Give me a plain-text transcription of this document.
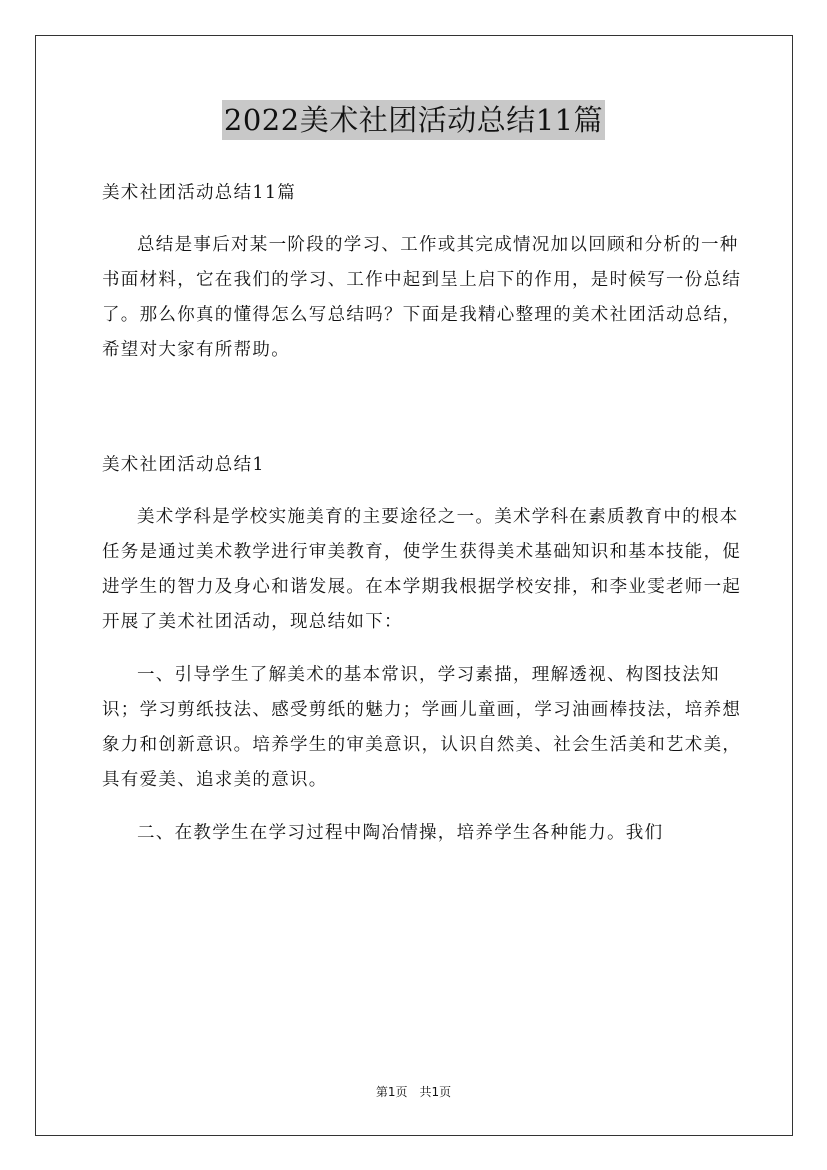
2022美术社团活动总结11篇

美术社团活动总结11篇

总结是事后对某一阶段的学习、工作或其完成情况加以回顾和分析的一种书面材料，它在我们的学习、工作中起到呈上启下的作用，是时候写一份总结了。那么你真的懂得怎么写总结吗？下面是我精心整理的美术社团活动总结，希望对大家有所帮助。

美术社团活动总结1

美术学科是学校实施美育的主要途径之一。美术学科在素质教育中的根本任务是通过美术教学进行审美教育，使学生获得美术基础知识和基本技能，促进学生的智力及身心和谐发展。在本学期我根据学校安排，和李业雯老师一起开展了美术社团活动，现总结如下：

一、引导学生了解美术的基本常识，学习素描，理解透视、构图技法知识；学习剪纸技法、感受剪纸的魅力；学画儿童画，学习油画棒技法，培养想象力和创新意识。培养学生的审美意识，认识自然美、社会生活美和艺术美，具有爱美、追求美的意识。

二、在教学生在学习过程中陶冶情操，培养学生各种能力。我们

第1页　共1页
